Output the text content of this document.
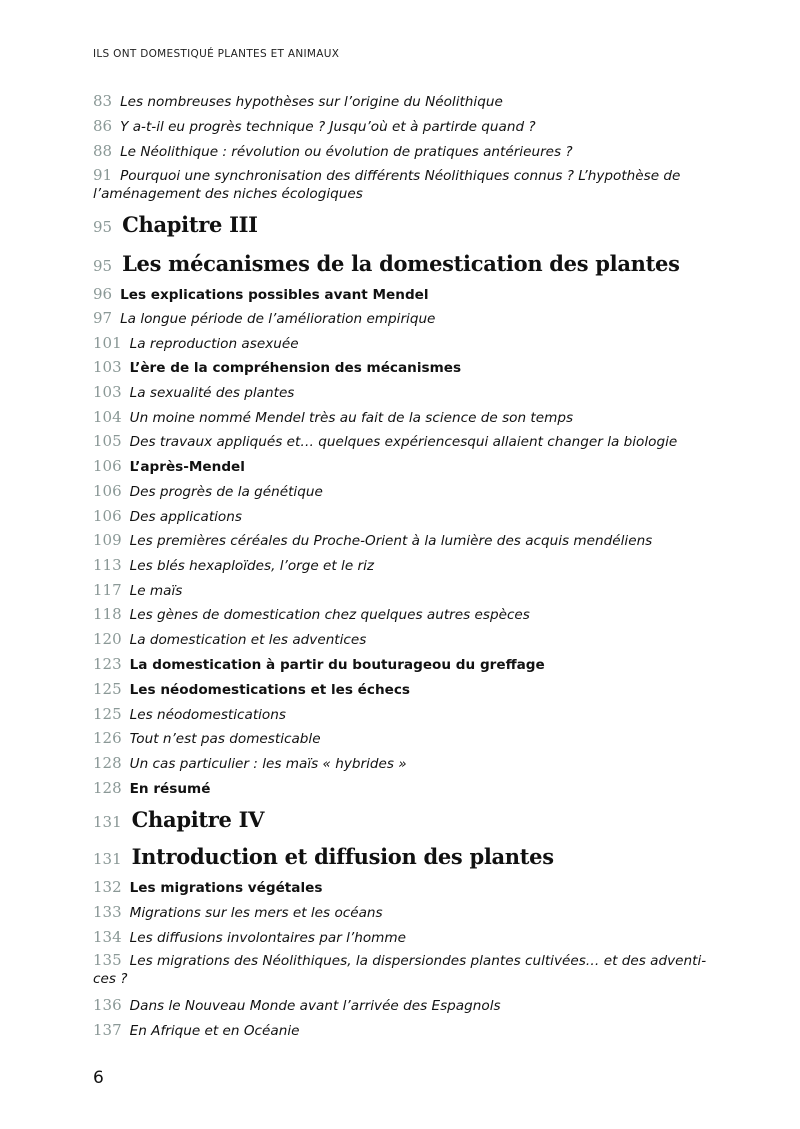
ILS ONT DOMESTIQUÉ PLANTES ET ANIMAUX
83 Les nombreuses hypothèses sur l’origine du Néolithique
86 Y a-t-il eu progrès technique ? Jusqu’où et à partirde quand ?
88 Le Néolithique : révolution ou évolution de pratiques antérieures ?
91 Pourquoi une synchronisation des différents Néolithiques connus ? L’hypothèse de l’aménagement des niches écologiques
95 Chapitre III
95 Les mécanismes de la domestication des plantes
96 Les explications possibles avant Mendel
97 La longue période de l’amélioration empirique
101 La reproduction asexuée
103 L’ère de la compréhension des mécanismes
103 La sexualité des plantes
104 Un moine nommé Mendel très au fait de la science de son temps
105 Des travaux appliqués et… quelques expériencesqui allaient changer la biologie
106 L’après-Mendel
106 Des progrès de la génétique
106 Des applications
109 Les premières céréales du Proche-Orient à la lumière des acquis mendéliens
113 Les blés hexaploïdes, l’orge et le riz
117 Le maïs
118 Les gènes de domestication chez quelques autres espèces
120 La domestication et les adventices
123 La domestication à partir du bouturageou du greffage
125 Les néodomestications et les échecs
125 Les néodomestications
126 Tout n’est pas domesticable
128 Un cas particulier : les maïs « hybrides »
128 En résumé
131 Chapitre IV
131 Introduction et diffusion des plantes
132 Les migrations végétales
133 Migrations sur les mers et les océans
134 Les diffusions involontaires par l’homme
135 Les migrations des Néolithiques, la dispersiondes plantes cultivées… et des adventi-ces ?
136 Dans le Nouveau Monde avant l’arrivée des Espagnols
137 En Afrique et en Océanie
6
